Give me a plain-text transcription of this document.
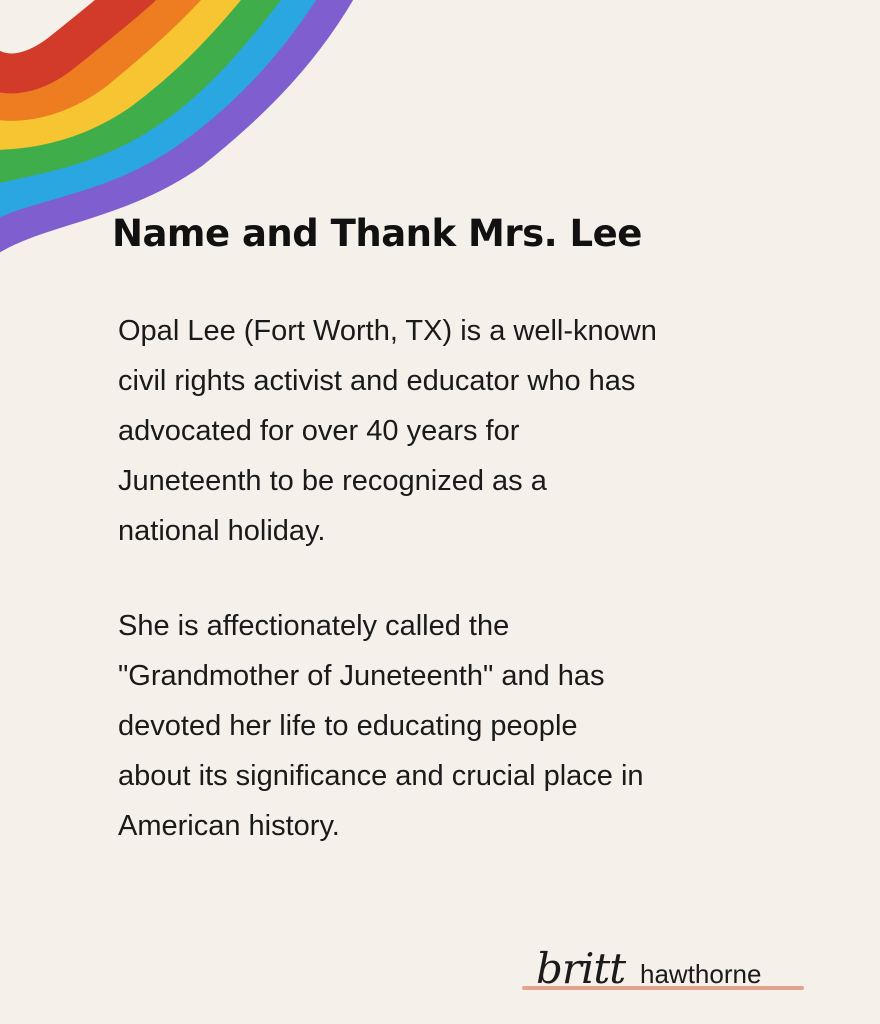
Name and Thank Mrs. Lee

Opal Lee (Fort Worth, TX) is a well-known
civil rights activist and educator who has
advocated for over 40 years for
Juneteenth to be recognized as a
national holiday.

She is affectionately called the
"Grandmother of Juneteenth" and has
devoted her life to educating people
about its significance and crucial place in
American history.

britt hawthorne
